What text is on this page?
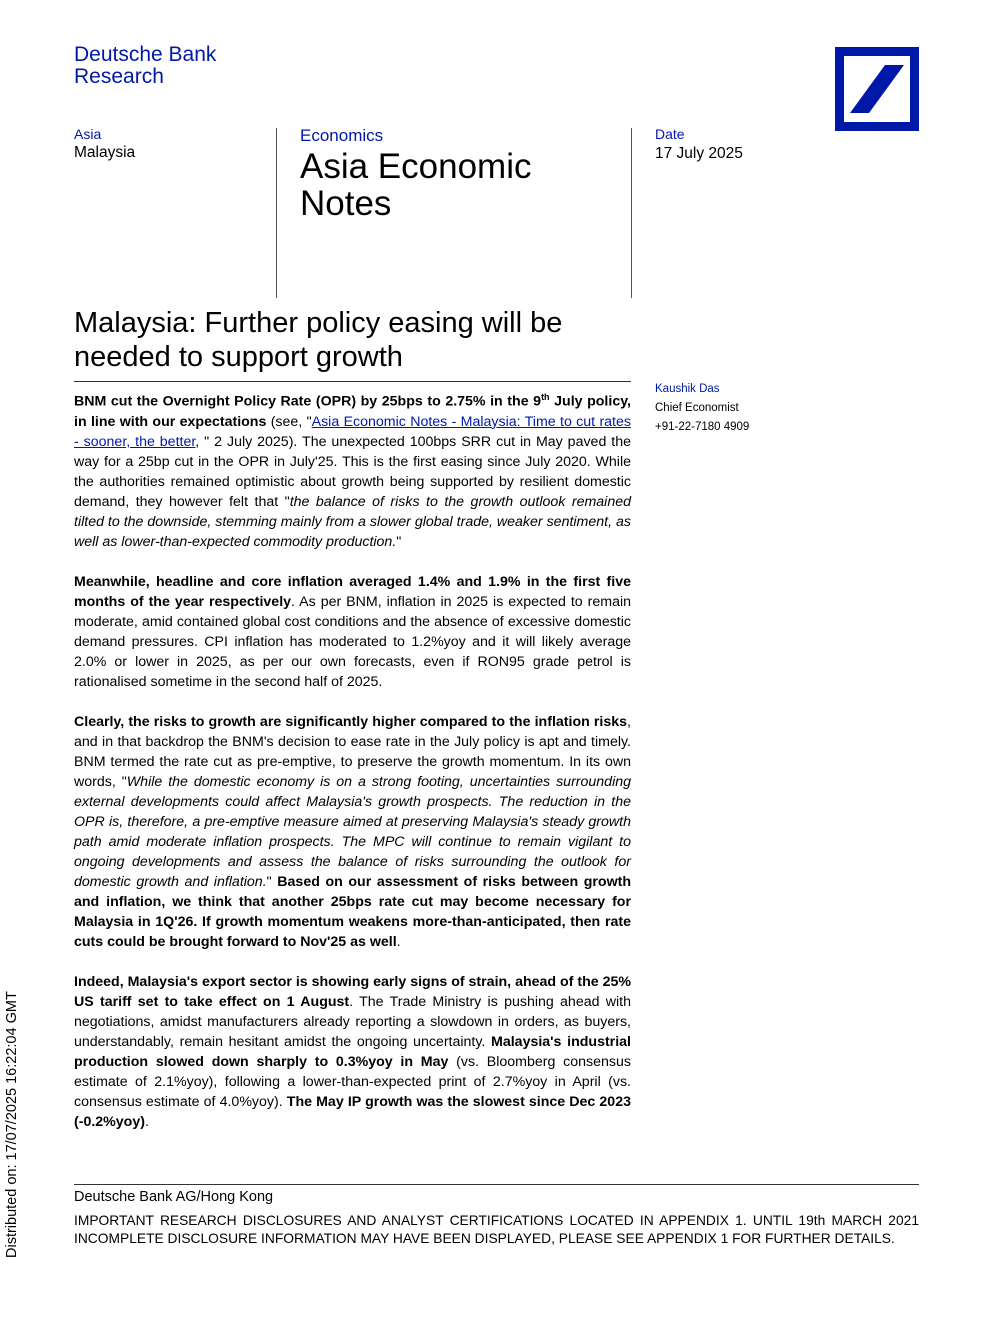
Deutsche Bank
Research
Asia
Malaysia
Economics
Asia Economic Notes
Date
17 July 2025
Malaysia: Further policy easing will be needed to support growth
Kaushik Das
Chief Economist
+91-22-7180 4909

BNM cut the Overnight Policy Rate (OPR) by 25bps to 2.75% in the 9th July policy, in line with our expectations (see, "Asia Economic Notes - Malaysia: Time to cut rates - sooner, the better, " 2 July 2025). The unexpected 100bps SRR cut in May paved the way for a 25bp cut in the OPR in July'25. This is the first easing since July 2020. While the authorities remained optimistic about growth being supported by resilient domestic demand, they however felt that "the balance of risks to the growth outlook remained tilted to the downside, stemming mainly from a slower global trade, weaker sentiment, as well as lower-than-expected commodity production."

Meanwhile, headline and core inflation averaged 1.4% and 1.9% in the first five months of the year respectively. As per BNM, inflation in 2025 is expected to remain moderate, amid contained global cost conditions and the absence of excessive domestic demand pressures. CPI inflation has moderated to 1.2%yoy and it will likely average 2.0% or lower in 2025, as per our own forecasts, even if RON95 grade petrol is rationalised sometime in the second half of 2025.

Clearly, the risks to growth are significantly higher compared to the inflation risks, and in that backdrop the BNM's decision to ease rate in the July policy is apt and timely. BNM termed the rate cut as pre-emptive, to preserve the growth momentum. In its own words, "While the domestic economy is on a strong footing, uncertainties surrounding external developments could affect Malaysia's growth prospects. The reduction in the OPR is, therefore, a pre-emptive measure aimed at preserving Malaysia's steady growth path amid moderate inflation prospects. The MPC will continue to remain vigilant to ongoing developments and assess the balance of risks surrounding the outlook for domestic growth and inflation." Based on our assessment of risks between growth and inflation, we think that another 25bps rate cut may become necessary for Malaysia in 1Q'26. If growth momentum weakens more-than-anticipated, then rate cuts could be brought forward to Nov'25 as well.

Indeed, Malaysia's export sector is showing early signs of strain, ahead of the 25% US tariff set to take effect on 1 August. The Trade Ministry is pushing ahead with negotiations, amidst manufacturers already reporting a slowdown in orders, as buyers, understandably, remain hesitant amidst the ongoing uncertainty. Malaysia's industrial production slowed down sharply to 0.3%yoy in May (vs. Bloomberg consensus estimate of 2.1%yoy), following a lower-than-expected print of 2.7%yoy in April (vs. consensus estimate of 4.0%yoy). The May IP growth was the slowest since Dec 2023 (-0.2%yoy).

Deutsche Bank AG/Hong Kong
IMPORTANT RESEARCH DISCLOSURES AND ANALYST CERTIFICATIONS LOCATED IN APPENDIX 1. UNTIL 19th MARCH 2021 INCOMPLETE DISCLOSURE INFORMATION MAY HAVE BEEN DISPLAYED, PLEASE SEE APPENDIX 1 FOR FURTHER DETAILS.
Distributed on: 17/07/2025 16:22:04 GMT
